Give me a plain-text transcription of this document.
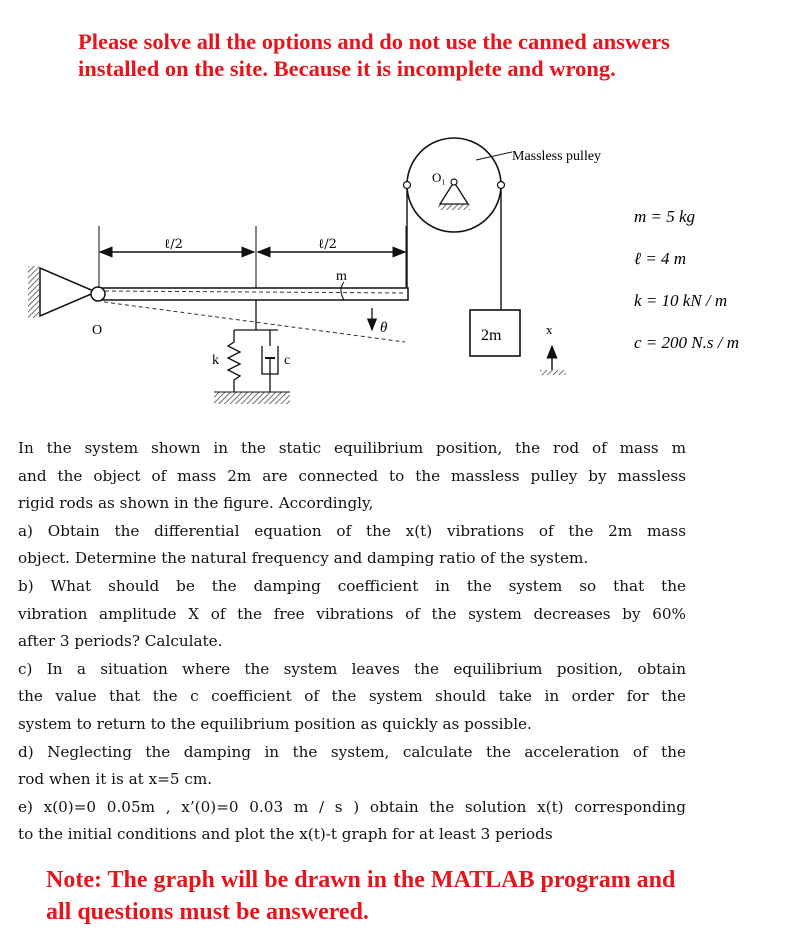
Please solve all the options and do not use the canned answers
installed on the site. Because it is incomplete and wrong.
O
ℓ/2	ℓ/2
m
θ
k	c
O₁
Massless pulley
2m	x
m = 5 kg
ℓ = 4 m
k = 10 kN / m
c = 200 N.s / m
In the system shown in the static equilibrium position, the rod of mass m
and the object of mass 2m are connected to the massless pulley by massless
rigid rods as shown in the figure. Accordingly,
a) Obtain the differential equation of the x(t) vibrations of the 2m mass
object. Determine the natural frequency and damping ratio of the system.
b) What should be the damping coefficient in the system so that the
vibration amplitude X of the free vibrations of the system decreases by 60%
after 3 periods? Calculate.
c) In a situation where the system leaves the equilibrium position, obtain
the value that the c coefficient of the system should take in order for the
system to return to the equilibrium position as quickly as possible.
d) Neglecting the damping in the system, calculate the acceleration of the
rod when it is at x=5 cm.
e) x(0)=0 0.05m , x’(0)=0 0.03 m / s ) obtain the solution x(t) corresponding
to the initial conditions and plot the x(t)-t graph for at least 3 periods
Note: The graph will be drawn in the MATLAB program and
all questions must be answered.
